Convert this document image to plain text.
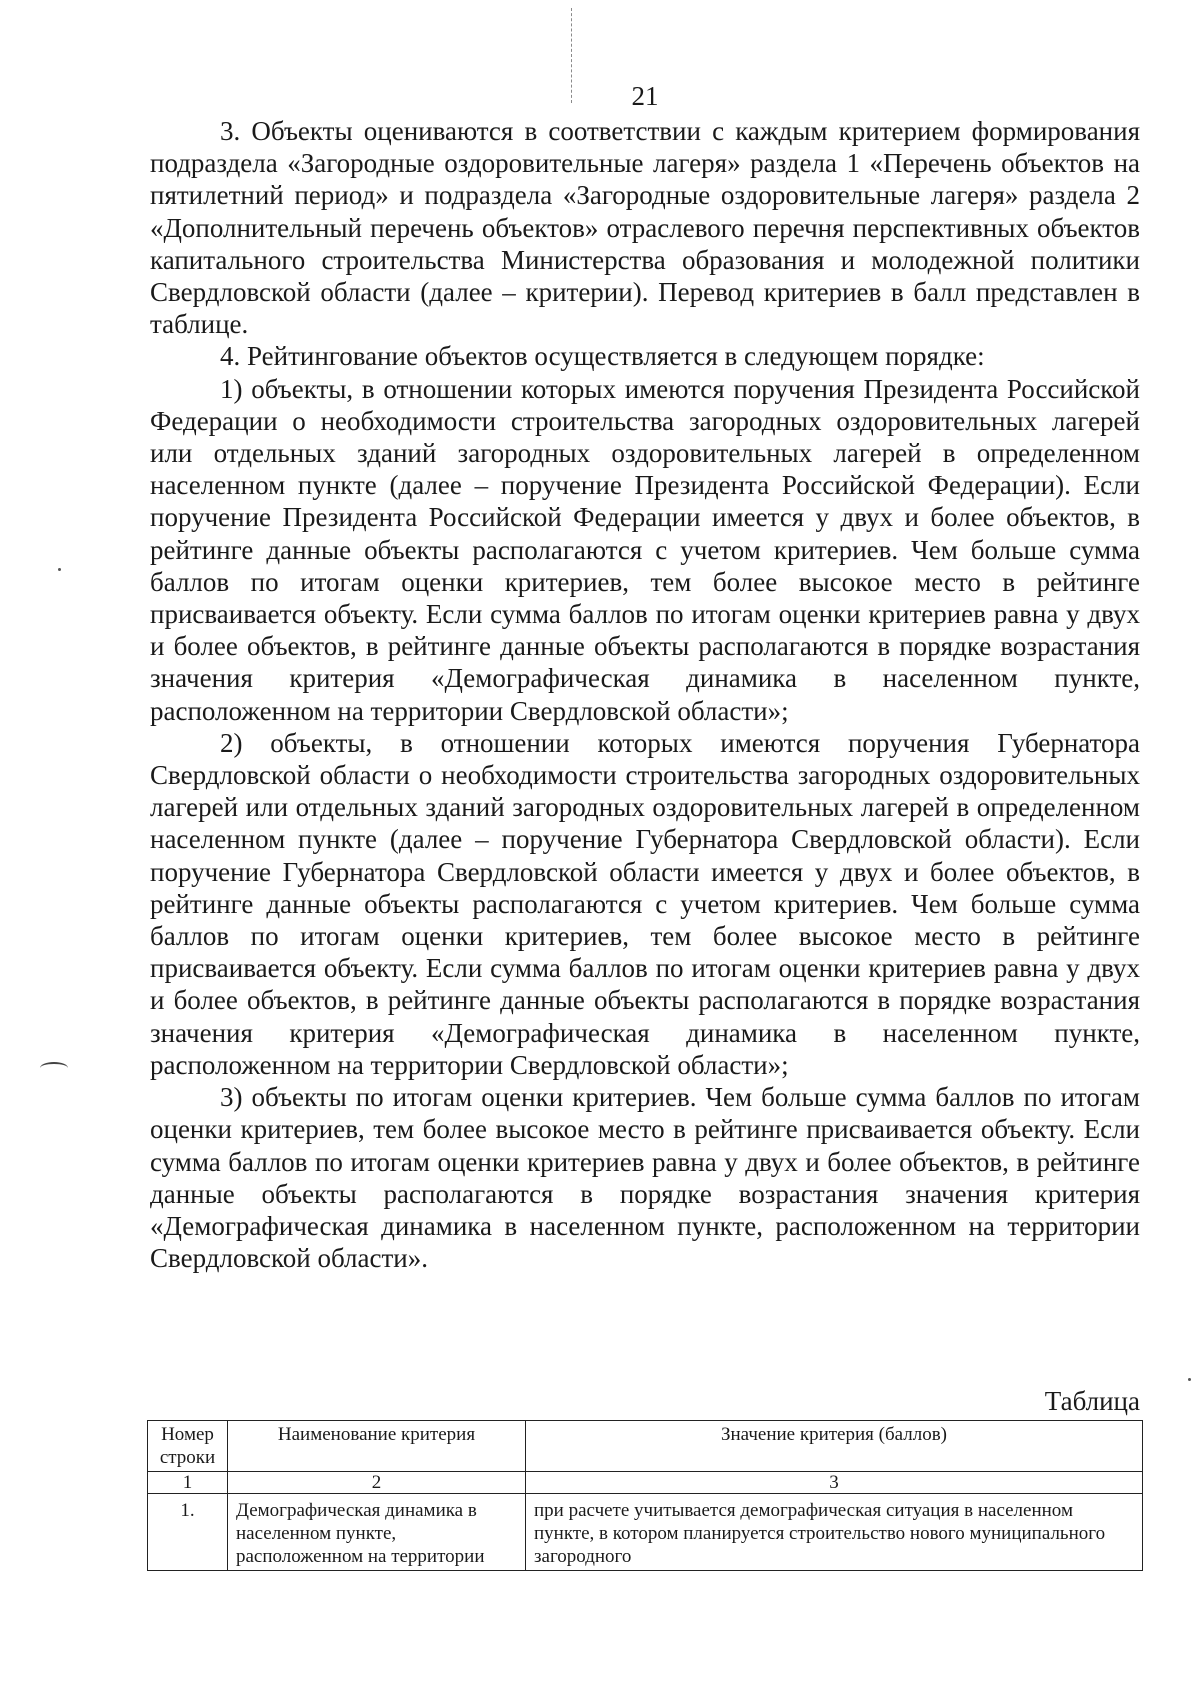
21

3. Объекты оцениваются в соответствии с каждым критерием формирования подраздела «Загородные оздоровительные лагеря» раздела 1 «Перечень объектов на пятилетний период» и подраздела «Загородные оздоровительные лагеря» раздела 2 «Дополнительный перечень объектов» отраслевого перечня перспективных объектов капитального строительства Министерства образования и молодежной политики Свердловской области (далее – критерии). Перевод критериев в балл представлен в таблице.

4. Рейтингование объектов осуществляется в следующем порядке:

1) объекты, в отношении которых имеются поручения Президента Российской Федерации о необходимости строительства загородных оздоровительных лагерей или отдельных зданий загородных оздоровительных лагерей в определенном населенном пункте (далее – поручение Президента Российской Федерации). Если поручение Президента Российской Федерации имеется у двух и более объектов, в рейтинге данные объекты располагаются с учетом критериев. Чем больше сумма баллов по итогам оценки критериев, тем более высокое место в рейтинге присваивается объекту. Если сумма баллов по итогам оценки критериев равна у двух и более объектов, в рейтинге данные объекты располагаются в порядке возрастания значения критерия «Демографическая динамика в населенном пункте, расположенном на территории Свердловской области»;

2) объекты, в отношении которых имеются поручения Губернатора Свердловской области о необходимости строительства загородных оздоровительных лагерей или отдельных зданий загородных оздоровительных лагерей в определенном населенном пункте (далее – поручение Губернатора Свердловской области). Если поручение Губернатора Свердловской области имеется у двух и более объектов, в рейтинге данные объекты располагаются с учетом критериев. Чем больше сумма баллов по итогам оценки критериев, тем более высокое место в рейтинге присваивается объекту. Если сумма баллов по итогам оценки критериев равна у двух и более объектов, в рейтинге данные объекты располагаются в порядке возрастания значения критерия «Демографическая динамика в населенном пункте, расположенном на территории Свердловской области»;

3) объекты по итогам оценки критериев. Чем больше сумма баллов по итогам оценки критериев, тем более высокое место в рейтинге присваивается объекту. Если сумма баллов по итогам оценки критериев равна у двух и более объектов, в рейтинге данные объекты располагаются в порядке возрастания значения критерия «Демографическая динамика в населенном пункте, расположенном на территории Свердловской области».

Таблица
Номер строки	Наименование критерия	Значение критерия (баллов)
1	2	3
1.	Демографическая динамика в населенном пункте, расположенном на территории	при расчете учитывается демографическая ситуация в населенном пункте, в котором планируется строительство нового муниципального загородного
